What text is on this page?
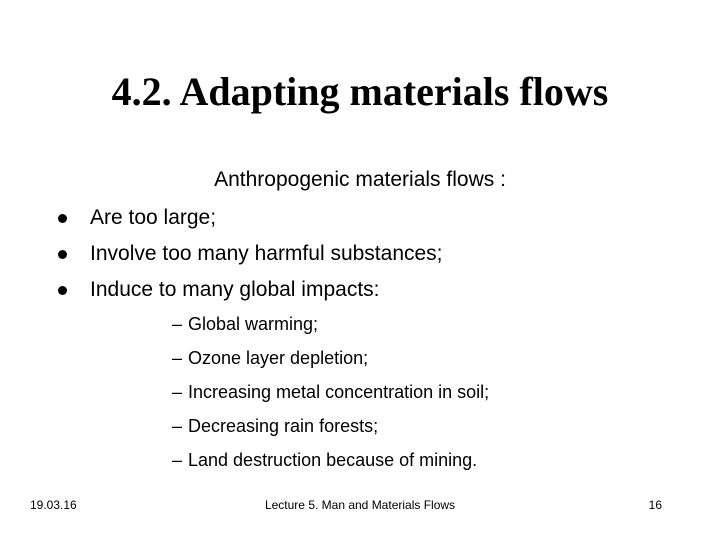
4.2. Adapting materials flows
Anthropogenic materials flows :
Are too large;
Involve too many harmful substances;
Induce to many global impacts:
– Global warming;
– Ozone layer depletion;
– Increasing metal concentration in soil;
– Decreasing rain forests;
– Land destruction because of mining.
19.03.16	Lecture 5. Man and Materials Flows	16
